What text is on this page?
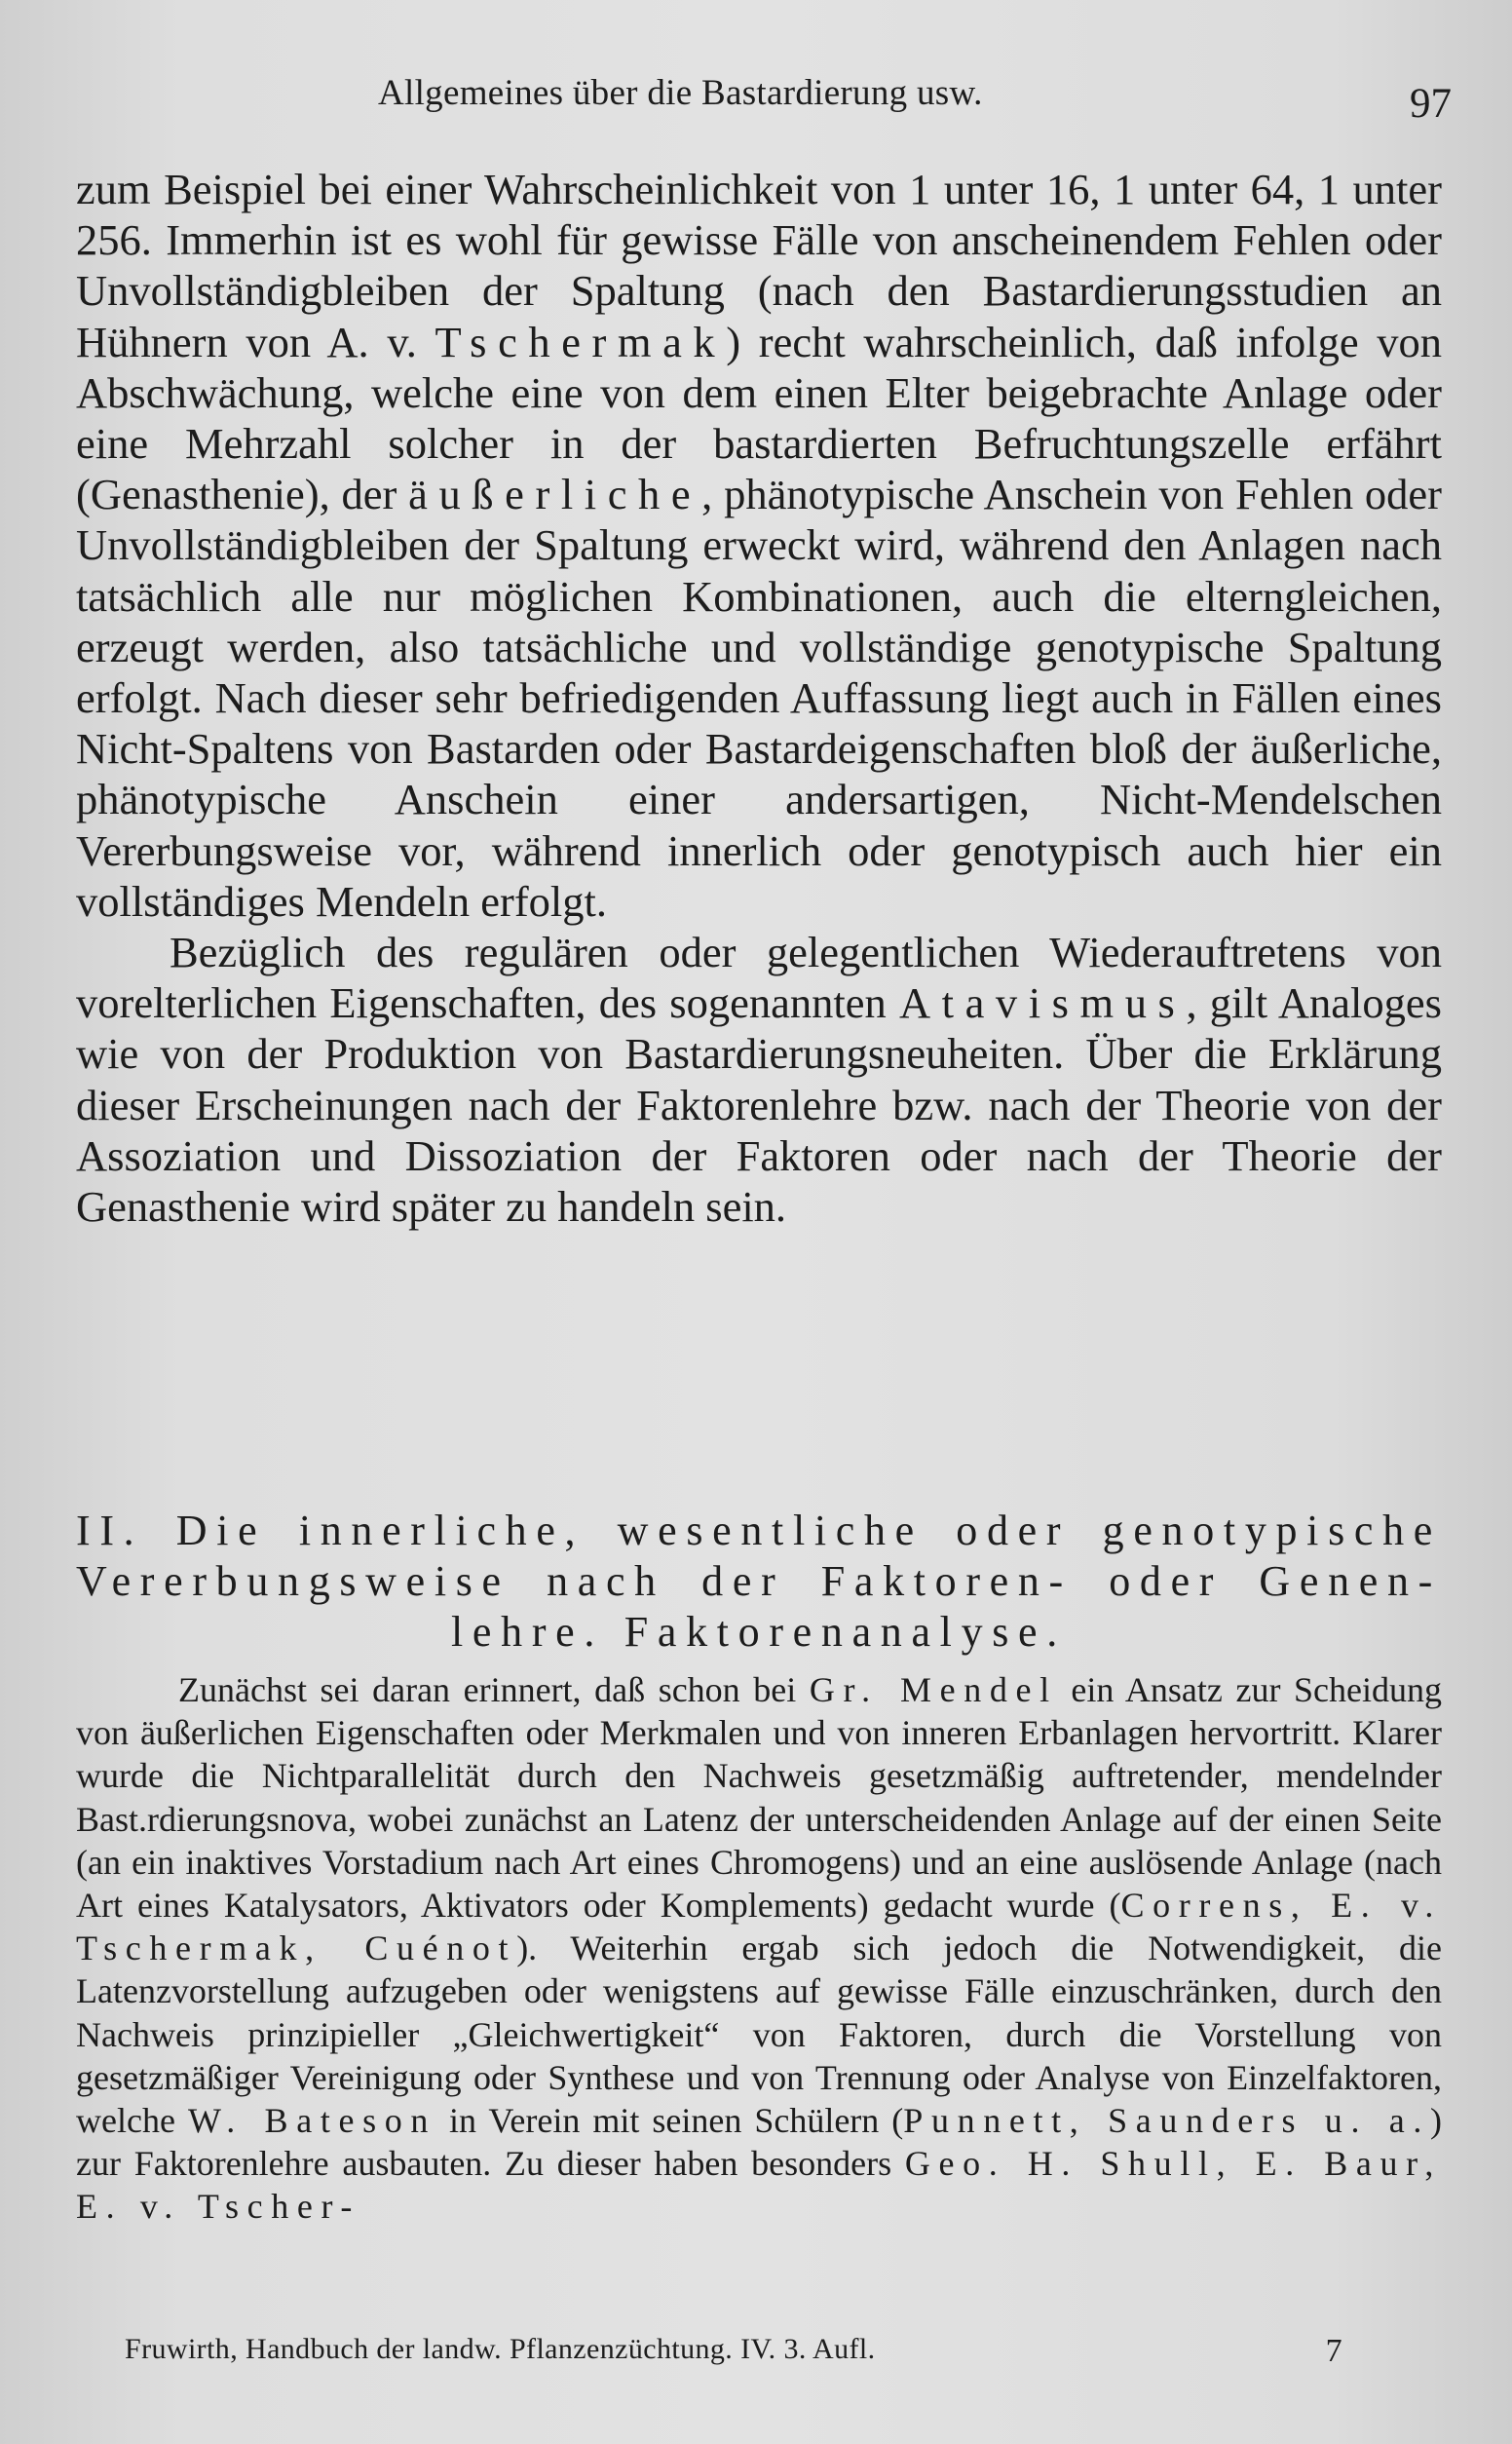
Allgemeines über die Bastardierung usw.	97

zum Beispiel bei einer Wahrscheinlichkeit von 1 unter 16, 1 unter 64, 1 unter 256. Immerhin ist es wohl für gewisse Fälle von anscheinendem Fehlen oder Unvollständigbleiben der Spaltung (nach den Bastardierungsstudien an Hühnern von A. v. Tschermak) recht wahrscheinlich, daß infolge von Abschwächung, welche eine von dem einen Elter beigebrachte Anlage oder eine Mehrzahl solcher in der bastardierten Befruchtungszelle erfährt (Genasthenie), der äußerliche, phänotypische Anschein von Fehlen oder Unvollständigbleiben der Spaltung erweckt wird, während den Anlagen nach tatsächlich alle nur möglichen Kombinationen, auch die elterngleichen, erzeugt werden, also tatsächliche und vollständige genotypische Spaltung erfolgt. Nach dieser sehr befriedigenden Auffassung liegt auch in Fällen eines Nicht-Spaltens von Bastarden oder Bastardeigenschaften bloß der äußerliche, phänotypische Anschein einer andersartigen, Nicht-Mendelschen Vererbungsweise vor, während innerlich oder genotypisch auch hier ein vollständiges Mendeln erfolgt.

Bezüglich des regulären oder gelegentlichen Wiederauftretens von vorelterlichen Eigenschaften, des sogenannten Atavismus, gilt Analoges wie von der Produktion von Bastardierungsneuheiten. Über die Erklärung dieser Erscheinungen nach der Faktorenlehre bzw. nach der Theorie von der Assoziation und Dissoziation der Faktoren oder nach der Theorie der Genasthenie wird später zu handeln sein.

II. Die innerliche, wesentliche oder genotypische
Vererbungsweise nach der Faktoren- oder Genen-
lehre. Faktorenanalyse.

Zunächst sei daran erinnert, daß schon bei Gr. Mendel ein Ansatz zur Scheidung von äußerlichen Eigenschaften oder Merkmalen und von inneren Erbanlagen hervortritt. Klarer wurde die Nichtparallelität durch den Nachweis gesetzmäßig auftretender, mendelnder Bast.rdierungsnova, wobei zunächst an Latenz der unterscheidenden Anlage auf der einen Seite (an ein inaktives Vorstadium nach Art eines Chromogens) und an eine auslösende Anlage (nach Art eines Katalysators, Aktivators oder Komplements) gedacht wurde (Correns, E. v. Tschermak, Cuénot). Weiterhin ergab sich jedoch die Notwendigkeit, die Latenzvorstellung aufzugeben oder wenigstens auf gewisse Fälle einzuschränken, durch den Nachweis prinzipieller „Gleichwertigkeit“ von Faktoren, durch die Vorstellung von gesetzmäßiger Vereinigung oder Synthese und von Trennung oder Analyse von Einzelfaktoren, welche W. Bateson in Verein mit seinen Schülern (Punnett, Saunders u. a.) zur Faktorenlehre ausbauten. Zu dieser haben besonders Geo. H. Shull, E. Baur, E. v. Tscher-

Fruwirth, Handbuch der landw. Pflanzenzüchtung. IV. 3. Aufl.	7
